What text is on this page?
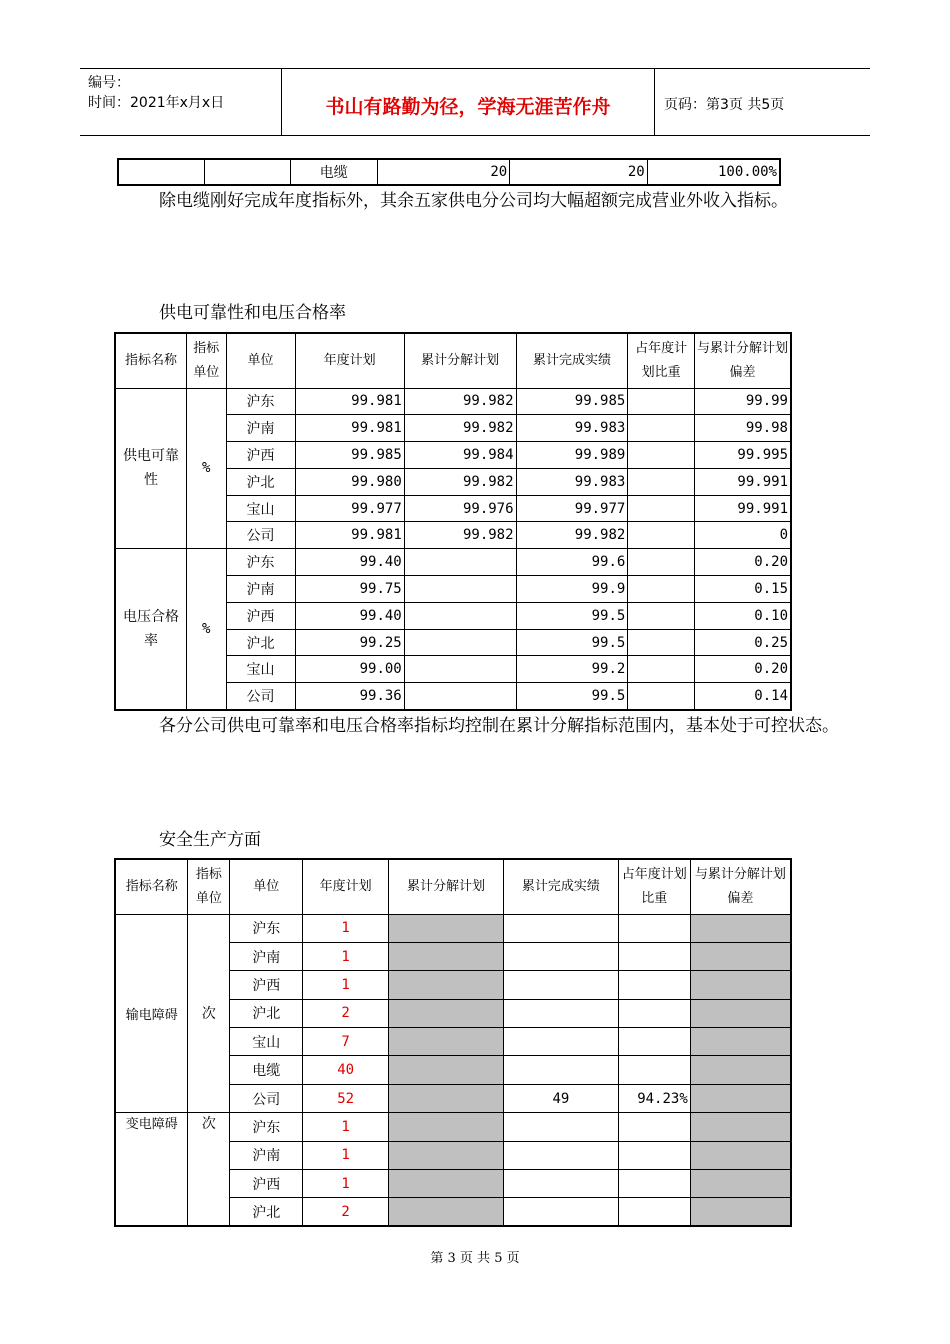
编号：
时间：2021年x月x日	书山有路勤为径，学海无涯苦作舟	页码：第3页 共5页
		电缆	20	20	100.00%

除电缆刚好完成年度指标外，其余五家供电分公司均大幅超额完成营业外收入指标。

供电可靠性和电压合格率
指标名称	指标单位	单位	年度计划	累计分解计划	累计完成实绩	占年度计划比重	与累计分解计划偏差
供电可靠性	%	沪东	99.981	99.982	99.985		99.99
		沪南	99.981	99.982	99.983		99.98
		沪西	99.985	99.984	99.989		99.995
		沪北	99.980	99.982	99.983		99.991
		宝山	99.977	99.976	99.977		99.991
		公司	99.981	99.982	99.982		0
电压合格率	%	沪东	99.40		99.6		0.20
		沪南	99.75		99.9		0.15
		沪西	99.40		99.5		0.10
		沪北	99.25		99.5		0.25
		宝山	99.00		99.2		0.20
		公司	99.36		99.5		0.14

各分公司供电可靠率和电压合格率指标均控制在累计分解指标范围内，基本处于可控状态。

安全生产方面
指标名称	指标单位	单位	年度计划	累计分解计划	累计完成实绩	占年度计划比重	与累计分解计划偏差
输电障碍	次	沪东	1				
		沪南	1				
		沪西	1				
		沪北	2				
		宝山	7				
		电缆	40				
		公司	52		49	94.23%	
变电障碍	次	沪东	1				
		沪南	1				
		沪西	1				
		沪北	2				
第 3 页 共 5 页
